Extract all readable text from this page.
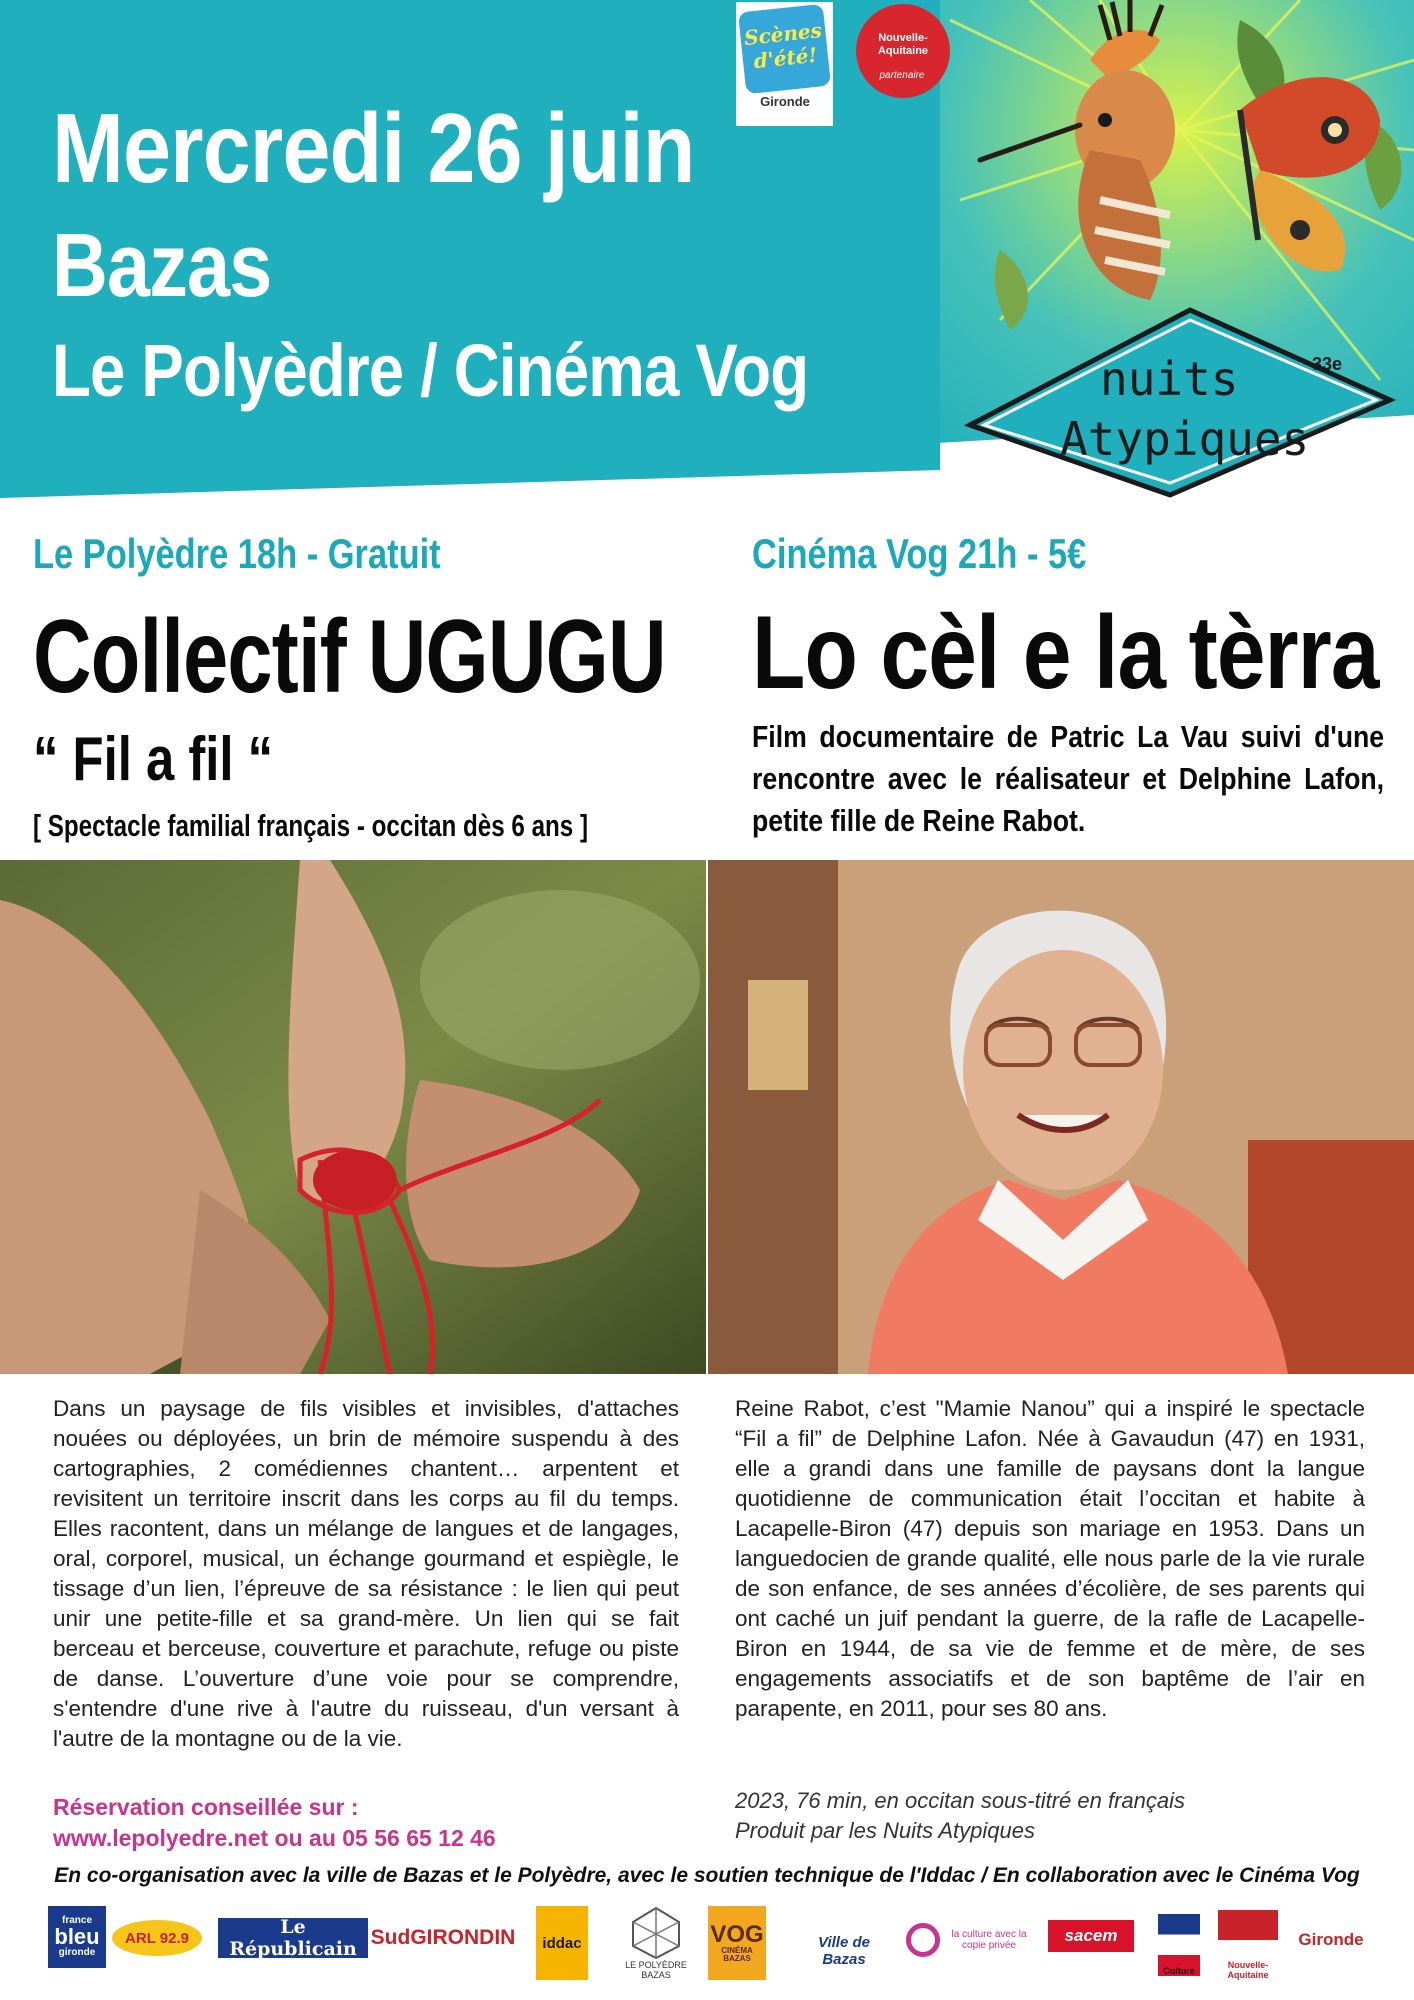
Mercredi 26 juin
Bazas
Le Polyèdre / Cinéma Vog
Scènes
d'été!
Gironde
Nouvelle-
Aquitaine
partenaire
nuits
Atypiques
33e
Le Polyèdre 18h - Gratuit
Collectif UGUGU
“ Fil a fil “
[ Spectacle familial français - occitan dès 6 ans ]
Cinéma Vog 21h - 5€
Lo cèl e la tèrra
Film documentaire de Patric La Vau suivi d'une rencontre avec le réalisateur et Delphine Lafon, petite fille de Reine Rabot.
Dans un paysage de fils visibles et invisibles, d'attaches nouées ou déployées, un brin de mémoire suspendu à des cartographies, 2 comédiennes chantent… arpentent et revisitent un territoire inscrit dans les corps au fil du temps. Elles racontent, dans un mélange de langues et de langages, oral, corporel, musical, un échange gourmand et espiègle, le tissage d’un lien, l’épreuve de sa résistance : le lien qui peut unir une petite-fille et sa grand-mère. Un lien qui se fait berceau et berceuse, couverture et parachute, refuge ou piste de danse. L’ouverture d’une voie pour se comprendre, s'entendre d'une rive à l'autre du ruisseau, d'un versant à l'autre de la montagne ou de la vie.
Reine Rabot, c’est "Mamie Nanou” qui a inspiré le spectacle “Fil a fil” de Delphine Lafon. Née à Gavaudun (47) en 1931, elle a grandi dans une famille de paysans dont la langue quotidienne de communication était l’occitan et habite à Lacapelle-Biron (47) depuis son mariage en 1953. Dans un languedocien de grande qualité, elle nous parle de la vie rurale de son enfance, de ses années d’écolière, de ses parents qui ont caché un juif pendant la guerre, de la rafle de Lacapelle-Biron en 1944, de sa vie de femme et de mère, de ses engagements associatifs et de son baptême de l’air en parapente, en 2011, pour ses 80 ans.
Réservation conseillée sur :
www.lepolyedre.net ou au 05 56 65 12 46
2023, 76 min, en occitan sous-titré en français
Produit par les Nuits Atypiques
En co-organisation avec la ville de Bazas et le Polyèdre, avec le soutien technique de l'Iddac / En collaboration avec le Cinéma Vog
france
bleu
gironde
ARL 92.9	Le Républicain SudGIRONDIN	iddac
LE POLYÈDRE
BAZAS
VOG
CINÉMA BAZAS
Ville de Bazas
la culture avec la copie privée
sacem
Culture
Nouvelle-Aquitaine
Gironde
